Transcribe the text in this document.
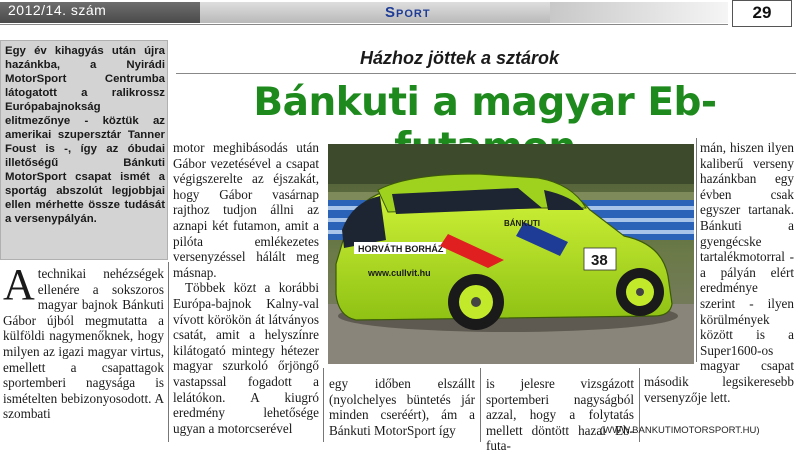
2012/14. szám	Sport	29
Egy év kihagyás után újra hazánkba, a Nyirádi MotorSport Centrumba látogatott a ralikrossz Európabajnokság elitmezőnye - köztük az amerikai szupersztár Tanner Foust is -, így az óbudai illetőségű Bánkuti MotorSport csapat ismét a sportág abszolút legjobbjai ellen mérhette össze tudását a versenypályán.
Házhoz jöttek a sztárok
Bánkuti a magyar Eb-
Atechnikai nehézségek ellenére a sokszoros magyar bajnok Bánkuti Gábor újból megmutatta a külföldi nagymenőknek, hogy milyen az igazi magyar virtus, emellett a csapattagok sportemberi nagysága is ismételten bebizonyosodott. A szombati

motor meghibásodás után Gábor vezetésével a csapat végigszerelte az éjszakát, hogy Gábor vasárnap rajthoz tudjon állni az aznapi két futamon, amit a pilóta emlékezetes versenyzéssel hálált meg másnap.

Többek közt a korábbi Európa-bajnok Kalny-val vívott körökön át látványos csatát, amit a helyszínre kilátogató mintegy hétezer magyar szurkoló őrjöngő vastapssal fogadott a lelátókon. A kiugró eredmény lehetősége ugyan a motorcserével

egy időben elszállt (nyolchelyes büntetés jár minden cseréért), ám a Bánkuti MotorSport így
is jelesre vizsgázott sportemberi nagyságból azzal, hogy a folytatás mellett döntött hazai Eb-futa-
mán, hiszen ilyen kaliberű verseny hazánkban egy évben csak egyszer tartanak. Bánkuti a gyengécske tartalékmotorral - a pályán elért eredménye szerint - ilyen körülmények között is a Super1600-os magyar csapat második legsikeresebb versenyzője lett.
HORVÁTH BORHÁZ
www.cullvit.hu
BÁNKUTI
38
(WWW.BANKUTIMOTORSPORT.HU)
